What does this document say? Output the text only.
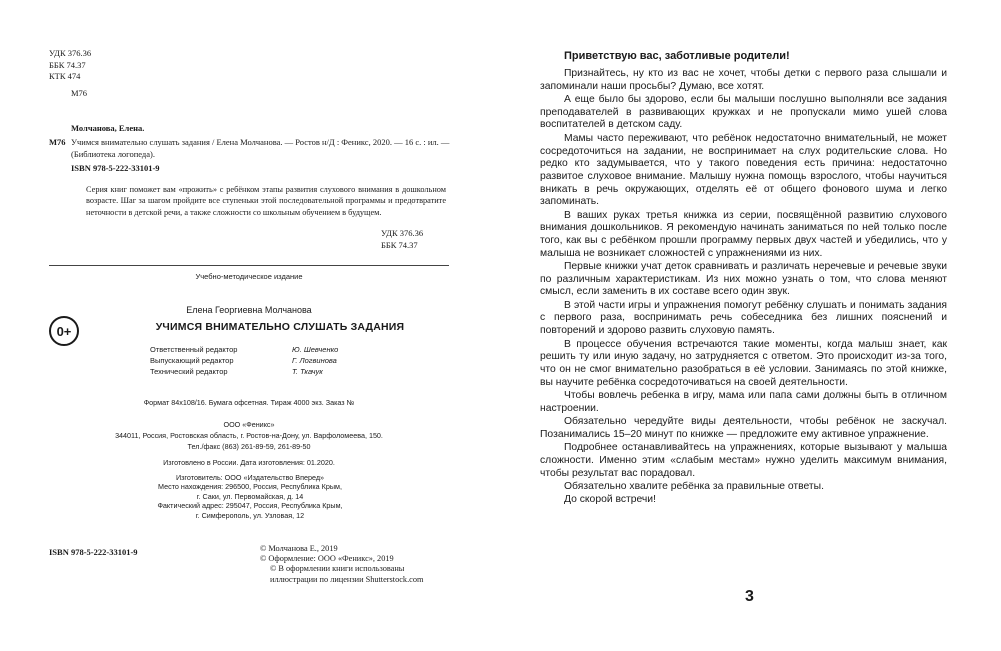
УДК 376.36
ББК 74.37
КТК 474
М76
Молчанова, Елена.
М76 Учимся внимательно слушать задания / Елена Молчанова. — Ростов н/Д : Феникс, 2020. — 16 с. : ил. — (Библиотека логопеда).
ISBN 978-5-222-33101-9
Серия книг поможет вам «прожить» с ребёнком этапы развития слухового внимания в дошкольном возрасте. Шаг за шагом пройдите все ступеньки этой последовательной программы и предотвратите неточности в детской речи, а также сложности со школьным обучением в будущем.
УДК 376.36
ББК 74.37
Учебно-методическое издание
Елена Георгиевна Молчанова
0+	УЧИМСЯ ВНИМАТЕЛЬНО СЛУШАТЬ ЗАДАНИЯ
Ответственный редактор	Ю. Шевченко
Выпускающий редактор	Г. Логвинова
Технический редактор	Т. Ткачук
Формат 84x108/16. Бумага офсетная. Тираж 4000 экз. Заказ №
ООО «Феникс»
344011, Россия, Ростовская область, г. Ростов-на-Дону, ул. Варфоломеева, 150.
Тел./факс (863) 261-89-59, 261-89-50
Изготовлено в России. Дата изготовления: 01.2020.
Изготовитель: ООО «Издательство Вперед»
Место нахождения: 296500, Россия, Республика Крым,
г. Саки, ул. Первомайская, д. 14
Фактический адрес: 295047, Россия, Республика Крым,
г. Симферополь, ул. Узловая, 12
ISBN 978-5-222-33101-9	© Молчанова Е., 2019
© Оформление: ООО «Феникс», 2019
© В оформлении книги использованы
иллюстрации по лицензии Shutterstock.com
Приветствую вас, заботливые родители!

Признайтесь, ну кто из вас не хочет, чтобы детки с первого раза слышали и запоминали наши просьбы? Думаю, все хотят.

А еще было бы здорово, если бы малыши послушно выполняли все задания преподавателей в развивающих кружках и не пропускали мимо ушей слова воспитателей в детском саду.

Мамы часто переживают, что ребёнок недостаточно внимательный, не может сосредоточиться на задании, не воспринимает на слух родительские слова. Но редко кто задумывается, что у такого поведения есть причина: недостаточно развитое слуховое внимание. Малышу нужна помощь взрослого, чтобы научиться вникать в речь окружающих, отделять её от общего фонового шума и легко запоминать.

В ваших руках третья книжка из серии, посвящённой развитию слухового внимания дошкольников. Я рекомендую начинать заниматься по ней только после того, как вы с ребёнком прошли программу первых двух частей и убедились, что у малыша не возникает сложностей с упражнениями из них.

Первые книжки учат деток сравнивать и различать неречевые и речевые звуки по различным характеристикам. Из них можно узнать о том, что слова меняют смысл, если заменить в их составе всего один звук.

В этой части игры и упражнения помогут ребёнку слушать и понимать задания с первого раза, воспринимать речь собеседника без лишних пояснений и повторений и здорово развить слуховую память.

В процессе обучения встречаются такие моменты, когда малыш знает, как решить ту или иную задачу, но затрудняется с ответом. Это происходит из-за того, что он не смог внимательно разобраться в её условии. Занимаясь по этой книжке, вы научите ребёнка сосредоточиваться на своей деятельности.

Чтобы вовлечь ребенка в игру, мама или папа сами должны быть в отличном настроении.

Обязательно чередуйте виды деятельности, чтобы ребёнок не заскучал. Позанимались 15–20 минут по книжке — предложите ему активное упражнение.

Подробнее останавливайтесь на упражнениях, которые вызывают у малыша сложности. Именно этим «слабым местам» нужно уделить максимум внимания, чтобы результат вас порадовал.

Обязательно хвалите ребёнка за правильные ответы.

До скорой встречи!

3
